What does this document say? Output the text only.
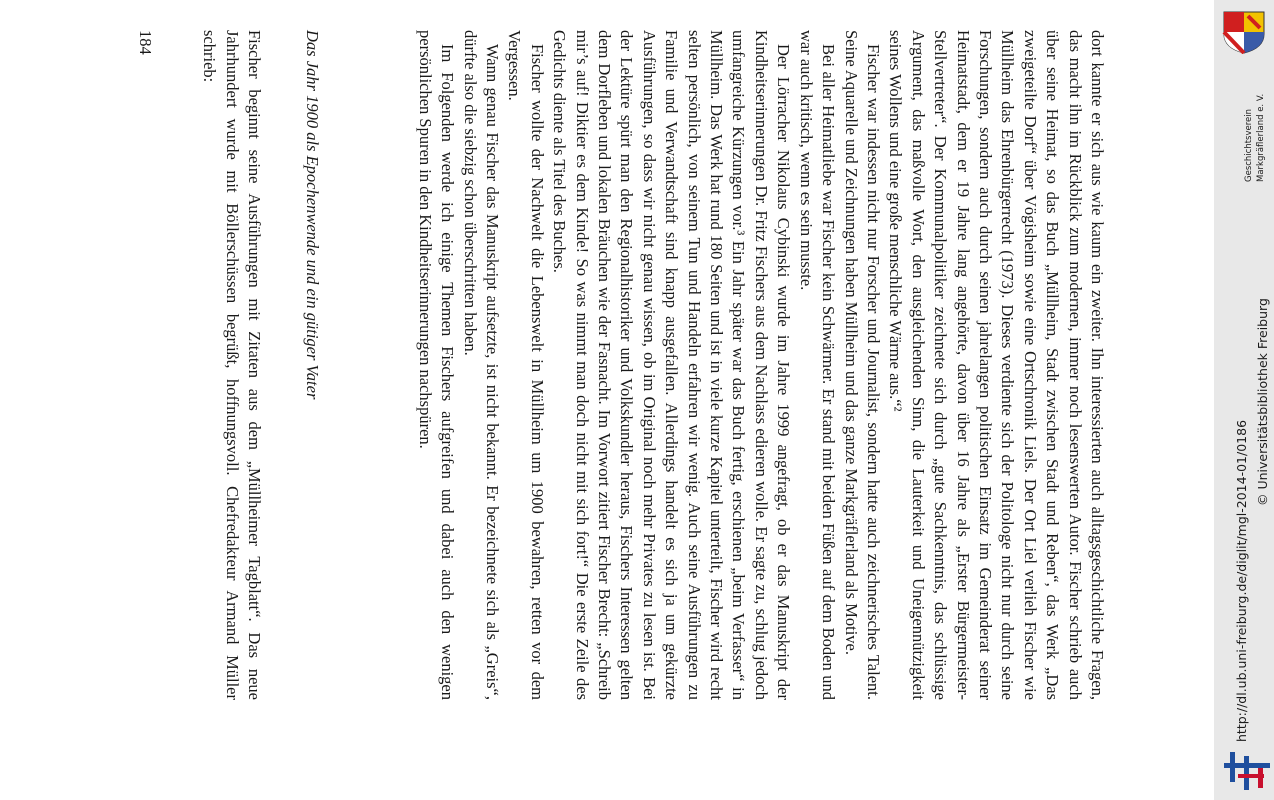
dort kannte er sich aus wie kaum ein zweiter. Ihn interessierten auch alltagsgeschichtliche Fragen, das macht ihn im Rückblick zum modernen, immer noch lesenswerten Autor. Fischer schrieb auch über seine Heimat, so das Buch „Müllheim, Stadt zwischen Stadt und Reben“, das Werk „Das zweigeteilte Dorf“ über Vögisheim sowie eine Ortschronik Liels. Der Ort Liel verlieh Fischer wie Müllheim das Ehrenbürgerrecht (1973). Dieses verdiente sich der Politologe nicht nur durch seine Forschungen, sondern auch durch seinen jahrelangen politischen Einsatz im Gemeinderat seiner Heimatstadt, dem er 19 Jahre lang angehörte, davon über 16 Jahre als „Erster Bürgermeister-Stellvertreter“. Der Kommunalpolitiker zeichnete sich durch „gute Sachkenntnis, das schlüssige Argument, das maßvolle Wort, den ausgleichenden Sinn, die Lauterkeit und Uneigennützigkeit seines Wollens und eine große menschliche Wärme aus.“²

Fischer war indessen nicht nur Forscher und Journalist, sondern hatte auch zeichnerisches Talent. Seine Aquarelle und Zeichnungen haben Müllheim und das ganze Markgräflerland als Motive.

Bei aller Heimatliebe war Fischer kein Schwärmer. Er stand mit beiden Füßen auf dem Boden und war auch kritisch, wenn es sein musste.

Der Lörracher Nikolaus Cybinski wurde im Jahre 1999 angefragt, ob er das Manuskript der Kindheitserinnerungen Dr. Fritz Fischers aus dem Nachlass edieren wolle. Er sagte zu, schlug jedoch umfangreiche Kürzungen vor.³ Ein Jahr später war das Buch fertig, erschienen „beim Verfasser“ in Müllheim. Das Werk hat rund 180 Seiten und ist in viele kurze Kapitel unterteilt, Fischer wird recht selten persönlich, von seinem Tun und Handeln erfahren wir wenig. Auch seine Ausführungen zu Familie und Verwandtschaft sind knapp ausgefallen. Allerdings handelt es sich ja um gekürzte Ausführungen, so dass wir nicht genau wissen, ob im Original noch mehr Privates zu lesen ist. Bei der Lektüre spürt man den Regionalhistoriker und Volkskundler heraus, Fischers Interessen gelten dem Dorfleben und lokalen Bräuchen wie der Fasnacht. Im Vorwort zitiert Fischer Brecht: „Schreib mir’s auf! Diktier es dem Kinde! So was nimmt man doch nicht mit sich fort!“ Die erste Zeile des Gedichts diente als Titel des Buches.

Fischer wollte der Nachwelt die Lebenswelt in Müllheim um 1900 bewahren, retten vor dem Vergessen.

Wann genau Fischer das Manuskript aufsetzte, ist nicht bekannt. Er bezeichnete sich als „Greis“, dürfte also die siebzig schon überschritten haben.

Im Folgenden werde ich einige Themen Fischers aufgreifen und dabei auch den wenigen persönlichen Spuren in den Kindheitserinnerungen nachspüren.

Das Jahr 1900 als Epochenwende und ein gütiger Vater

Fischer beginnt seine Ausführungen mit Zitaten aus dem „Müllheimer Tagblatt“. Das neue Jahrhundert wurde mit Böllerschüssen begrüßt, hoffnungsvoll. Chefredakteur Armand Müller schrieb:

184

Geschichtsverein Markgräflerland e. V.
http://dl.ub.uni-freiburg.de/diglit/mgl-2014-01/0186
© Universitätsbibliothek Freiburg
